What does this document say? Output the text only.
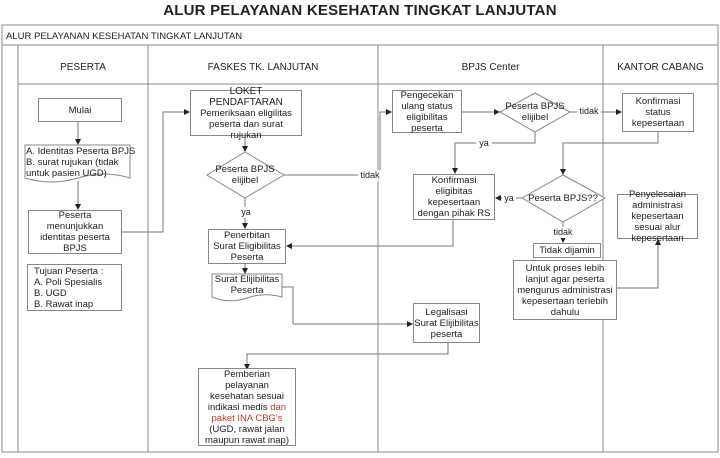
ALUR PELAYANAN KESEHATAN TINGKAT LANJUTAN
ALUR PELAYANAN KESEHATAN TINGKAT LANJUTAN
PESERTA	FASKES TK. LANJUTAN	BPJS Center	KANTOR CABANG
Mulai
A. Identitas Peserta BPJS
B. surat rujukan (tidak
untuk pasien UGD)
Peserta menunjukkan identitas peserta BPJS
Tujuan Peserta :
A. Poli Spesialis
B. UGD
B. Rawat inap
LOKET PENDAFTARAN
Pemeriksaan eligilitas peserta dan surat rujukan
Peserta BPJS elijibel
ya
tidak
Penerbitan Surat Eligibilitas Peserta
Surat Elijibilitas Peserta
Pemberian pelayanan kesehatan sesuai indikasi medis dan paket INA CBG's (UGD, rawat jalan maupun rawat inap)
Pengecekan ulang status eligibilitas peserta
Peserta BPJS elijibel
tidak
ya
Konfirmasi eligibitas kepesertaan dengan pihak RS
Peserta BPJS??
ya
tidak
Tidak dijamin
Untuk proses lebih lanjut agar peserta mengurus administrasi kepesertaan terlebih dahulu
Legalisasi Surat Elijibilitas peserta
Konfirmasi status kepesertaan
Penyelesaian administrasi kepesertaan sesuai alur kepesertaan
